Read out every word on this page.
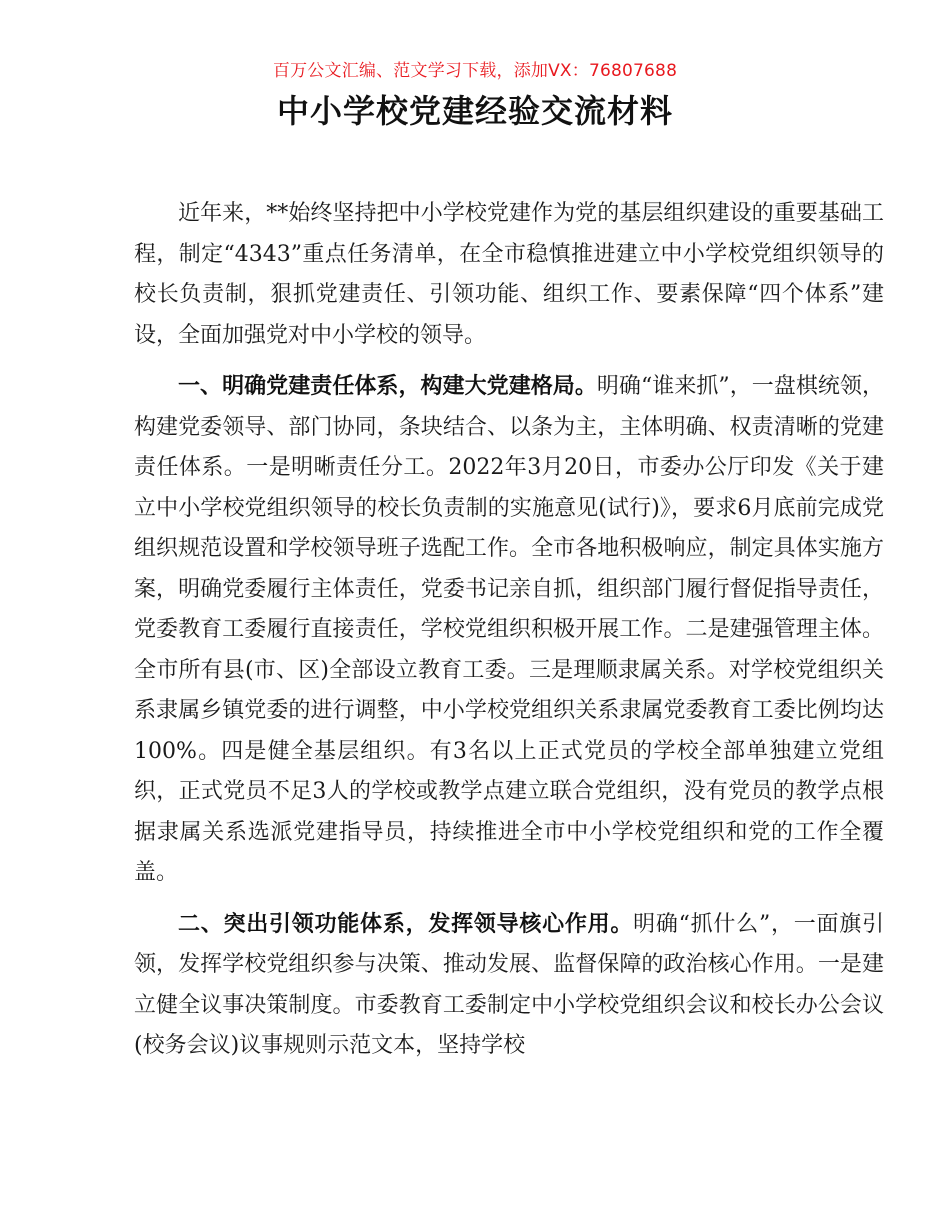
百万公文汇编、范文学习下载，添加VX：76807688
中小学校党建经验交流材料

近年来，**始终坚持把中小学校党建作为党的基层组织建设的重要基础工程，制定“4343”重点任务清单，在全市稳慎推进建立中小学校党组织领导的校长负责制，狠抓党建责任、引领功能、组织工作、要素保障“四个体系”建设，全面加强党对中小学校的领导。

一、明确党建责任体系，构建大党建格局。明确“谁来抓”，一盘棋统领，构建党委领导、部门协同，条块结合、以条为主，主体明确、权责清晰的党建责任体系。一是明晰责任分工。2022年3月20日，市委办公厅印发《关于建立中小学校党组织领导的校长负责制的实施意见(试行)》，要求6月底前完成党组织规范设置和学校领导班子选配工作。全市各地积极响应，制定具体实施方案，明确党委履行主体责任，党委书记亲自抓，组织部门履行督促指导责任，党委教育工委履行直接责任，学校党组织积极开展工作。二是建强管理主体。全市所有县(市、区)全部设立教育工委。三是理顺隶属关系。对学校党组织关系隶属乡镇党委的进行调整，中小学校党组织关系隶属党委教育工委比例均达100%。四是健全基层组织。有3名以上正式党员的学校全部单独建立党组织，正式党员不足3人的学校或教学点建立联合党组织，没有党员的教学点根据隶属关系选派党建指导员，持续推进全市中小学校党组织和党的工作全覆盖。

二、突出引领功能体系，发挥领导核心作用。明确“抓什么”，一面旗引领，发挥学校党组织参与决策、推动发展、监督保障的政治核心作用。一是建立健全议事决策制度。市委教育工委制定中小学校党组织会议和校长办公会议(校务会议)议事规则示范文本，坚持学校
